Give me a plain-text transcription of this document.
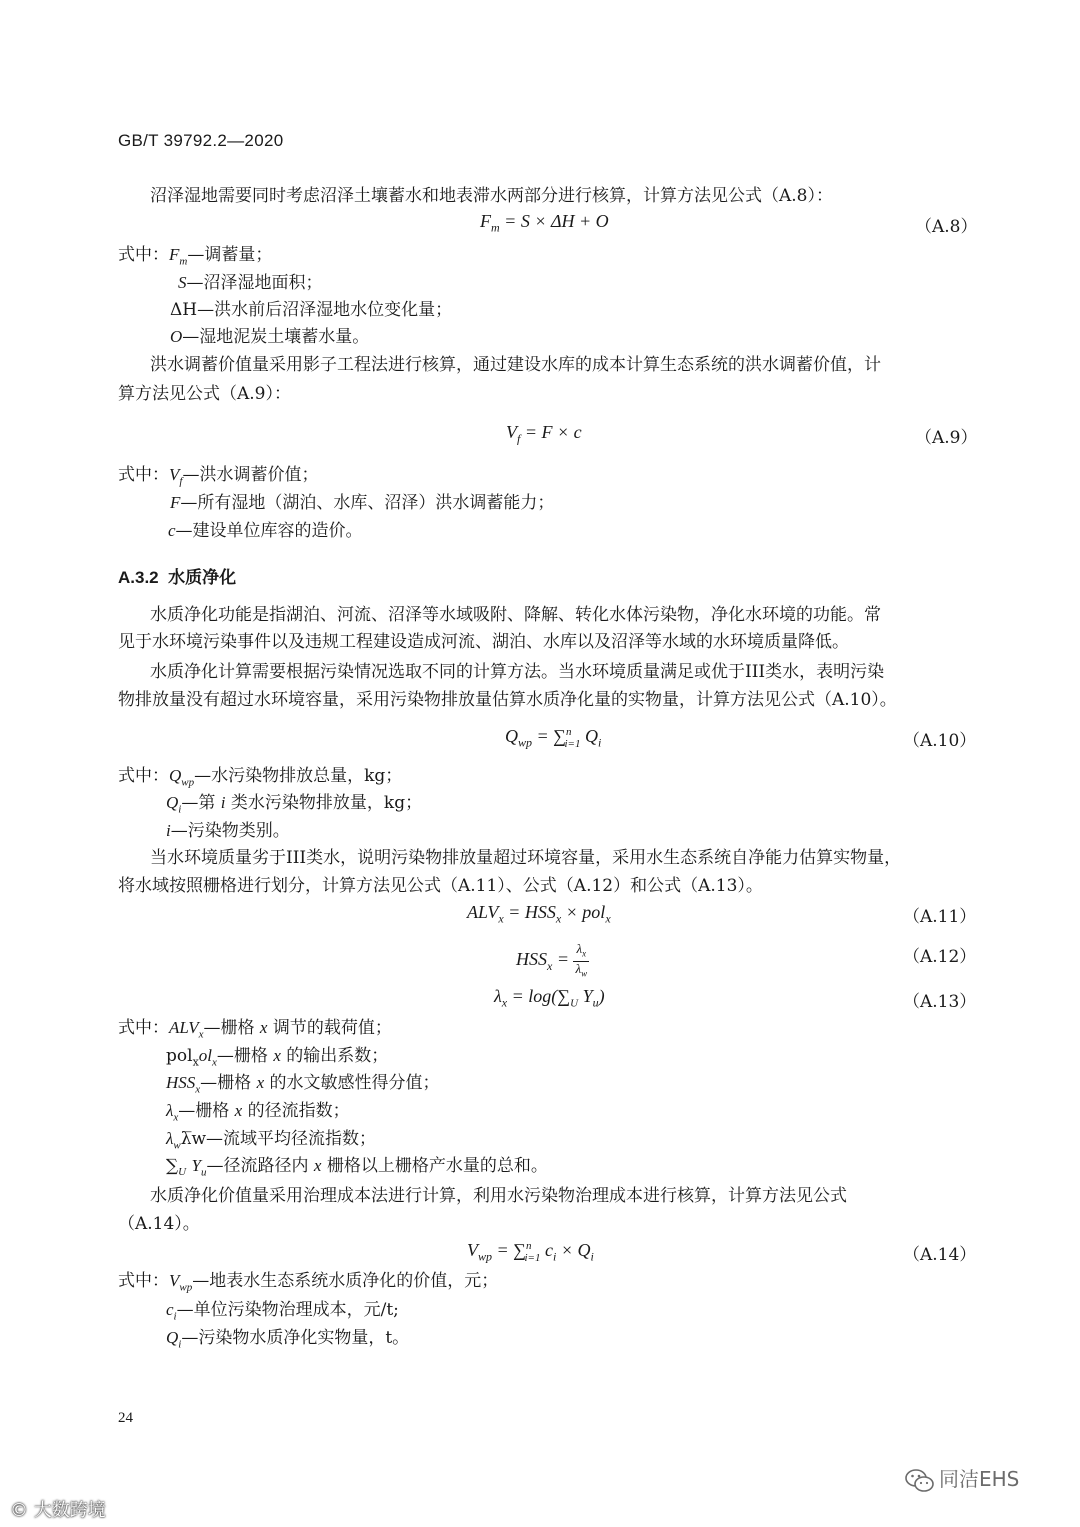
GB/T 39792.2—2020
沼泽湿地需要同时考虑沼泽土壤蓄水和地表滞水两部分进行核算，计算方法见公式（A.8）：
$F_m = S \times \Delta H + O$	（A.8）
式中：$F_m—$调蓄量；
S—沼泽湿地面积；
ΔH—洪水前后沼泽湿地水位变化量；
O—湿地泥炭土壤蓄水量。
洪水调蓄价值量采用影子工程法进行核算，通过建设水库的成本计算生态系统的洪水调蓄价值，计
算方法见公式（A.9）：
$V_f = F \times c$	（A.9）
式中：$V_f—$洪水调蓄价值；
F—所有湿地（湖泊、水库、沼泽）洪水调蓄能力；
c—建设单位库容的造价。
A.3.2 水质净化
水质净化功能是指湖泊、河流、沼泽等水域吸附、降解、转化水体污染物，净化水环境的功能。常
见于水环境污染事件以及违规工程建设造成河流、湖泊、水库以及沼泽等水域的水环境质量降低。
水质净化计算需要根据污染情况选取不同的计算方法。当水环境质量满足或优于III类水，表明污染
物排放量没有超过水环境容量，采用污染物排放量估算水质净化量的实物量，计算方法见公式（A.10）。
$Q_{wp} = \sum^n_{i=1}$ $Q_i$	（A.10）
式中：$Q_{wp}—$水污染物排放总量，kg；
$Q_i—$第 i 类水污染物排放量，kg；
i—污染物类别。
当水环境质量劣于III类水，说明污染物排放量超过环境容量，采用水生态系统自净能力估算实物量，
将水域按照栅格进行划分，计算方法见公式（A.11）、公式（A.12）和公式（A.13）。
$ALV_x = HSS_x \times pol_x$	（A.11）
$HSS_x = \frac{\lambda_x}{\lambda_w}$	（A.12）
$\lambda_x = \log(\sum_U$ $Y_u$)	（A.13）
式中：$ALV_x—$栅格 x 调节的载荷值；
$pol_xol_x—$栅格 x 的输出系数；
$HSS_x—$栅格 x 的水文敏感性得分值；
$\lambda_x—$栅格 x 的径流指数；
$\lambda_w\lambda̅w—$流域平均径流指数；
$\sum_U$ $Y_u—$径流路径内 x 栅格以上栅格产水量的总和。
水质净化价值量采用治理成本法进行计算，利用水污染物治理成本进行核算，计算方法见公式
（A.14）。
$V_{wp} = \sum^n_{i=1}$ $c_i \times Q_i$	（A.14）
式中：$V_{wp}—$地表水生态系统水质净化的价值，元；
$c_i—$单位污染物治理成本，元/t;
$Q_i—$污染物水质净化实物量，t。
24
同洁EHS
© 大数跨境
